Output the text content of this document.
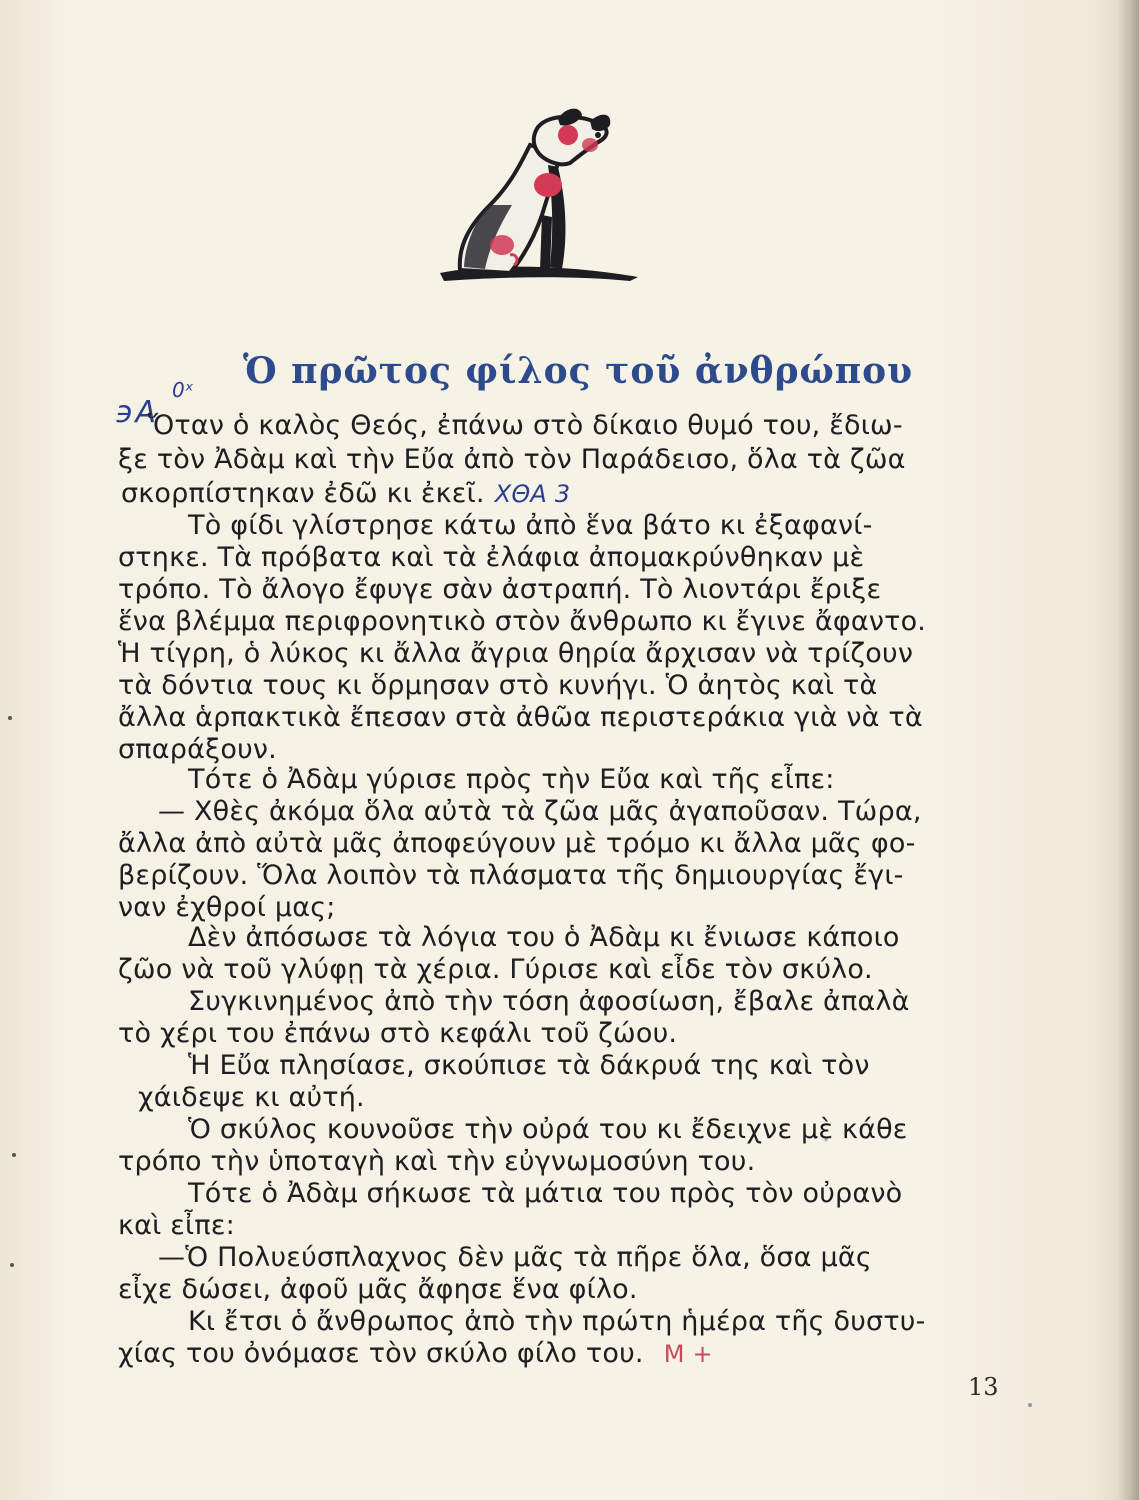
Ὁ πρῶτος φίλος τοῦ ἀνθρώπου
϶Α
0ˣ
Ὅταν ὁ καλὸς Θεός, ἐπάνω στὸ δίκαιο θυμό του, ἔδιω-
ξε τὸν Ἀδὰμ καὶ τὴν Εὔα ἀπὸ τὸν Παράδεισο, ὅλα τὰ ζῶα
σκορπίστηκαν ἐδῶ κι ἐκεῖ. ΧΘΑ 3
Τὸ φίδι γλίστρησε κάτω ἀπὸ ἕνα βάτο κι ἐξαφανί-
στηκε. Τὰ πρόβατα καὶ τὰ ἐλάφια ἀπομακρύνθηκαν μὲ
τρόπο. Τὸ ἄλογο ἔφυγε σὰν ἀστραπή. Τὸ λιοντάρι ἔριξε
ἕνα βλέμμα περιφρονητικὸ στὸν ἄνθρωπο κι ἔγινε ἄφαντο.
Ἡ τίγρη, ὁ λύκος κι ἄλλα ἄγρια θηρία ἄρχισαν νὰ τρίζουν
τὰ δόντια τους κι ὅρμησαν στὸ κυνήγι. Ὁ ἀητὸς καὶ τὰ
ἄλλα ἁρπακτικὰ ἔπεσαν στὰ ἀθῶα περιστεράκια γιὰ νὰ τὰ
σπαράξουν.
Τότε ὁ Ἀδὰμ γύρισε πρὸς τὴν Εὔα καὶ τῆς εἶπε:
— Χθὲς ἀκόμα ὅλα αὐτὰ τὰ ζῶα μᾶς ἀγαποῦσαν. Τώρα,
ἄλλα ἀπὸ αὐτὰ μᾶς ἀποφεύγουν μὲ τρόμο κι ἄλλα μᾶς φο-
βερίζουν. Ὅλα λοιπὸν τὰ πλάσματα τῆς δημιουργίας ἔγι-
ναν ἐχθροί μας;
Δὲν ἀπόσωσε τὰ λόγια του ὁ Ἀδὰμ κι ἔνιωσε κάποιο
ζῶο νὰ τοῦ γλύφῃ τὰ χέρια. Γύρισε καὶ εἶδε τὸν σκύλο.
Συγκινημένος ἀπὸ τὴν τόση ἀφοσίωση, ἔβαλε ἀπαλὰ
τὸ χέρι του ἐπάνω στὸ κεφάλι τοῦ ζώου.
Ἡ Εὔα πλησίασε, σκούπισε τὰ δάκρυά της καὶ τὸν
χάιδεψε κι αὐτή.
Ὁ σκύλος κουνοῦσε τὴν οὐρά του κι ἔδειχνε μὲ κάθε
τρόπο τὴν ὑποταγὴ καὶ τὴν εὐγνωμοσύνη του.
Τότε ὁ Ἀδὰμ σήκωσε τὰ μάτια του πρὸς τὸν οὐρανὸ
καὶ εἶπε:
—Ὁ Πολυεύσπλαχνος δὲν μᾶς τὰ πῆρε ὅλα, ὅσα μᾶς
εἶχε δώσει, ἀφοῦ μᾶς ἄφησε ἕνα φίλο.
Κι ἔτσι ὁ ἄνθρωπος ἀπὸ τὴν πρώτη ἡμέρα τῆς δυστυ-
χίας του ὀνόμασε τὸν σκύλο φίλο του. M +
13
